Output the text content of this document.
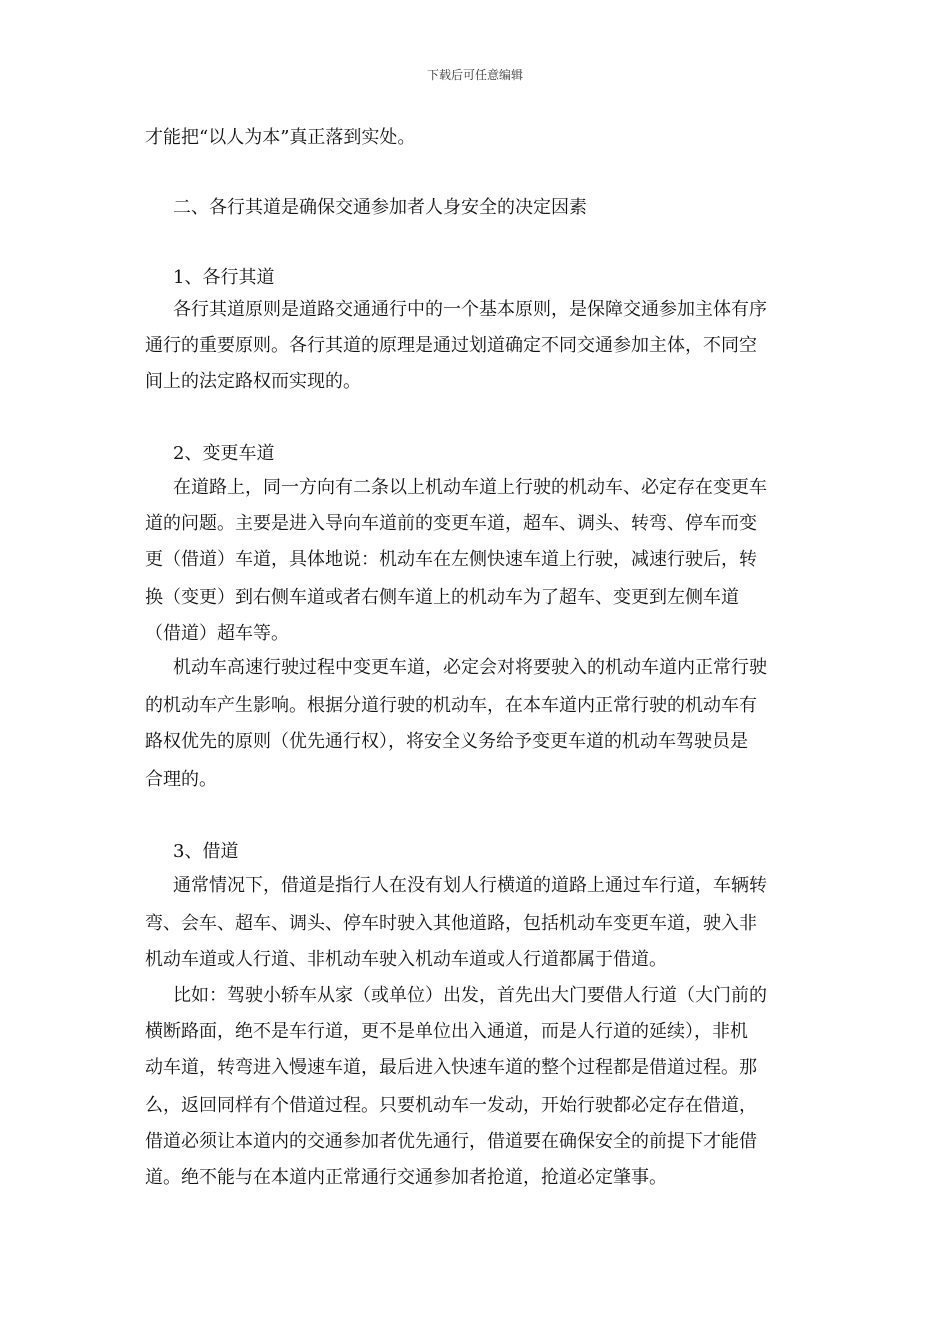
下载后可任意编辑
才能把“以人为本”真正落到实处。
二、各行其道是确保交通参加者人身安全的决定因素
1、各行其道
各行其道原则是道路交通通行中的一个基本原则，是保障交通参加主体有序
通行的重要原则。各行其道的原理是通过划道确定不同交通参加主体，不同空
间上的法定路权而实现的。
2、变更车道
在道路上，同一方向有二条以上机动车道上行驶的机动车、必定存在变更车
道的问题。主要是进入导向车道前的变更车道，超车、调头、转弯、停车而变
更（借道）车道，具体地说：机动车在左侧快速车道上行驶，减速行驶后，转
换（变更）到右侧车道或者右侧车道上的机动车为了超车、变更到左侧车道
（借道）超车等。
机动车高速行驶过程中变更车道，必定会对将要驶入的机动车道内正常行驶
的机动车产生影响。根据分道行驶的机动车，在本车道内正常行驶的机动车有
路权优先的原则（优先通行权），将安全义务给予变更车道的机动车驾驶员是
合理的。
3、借道
通常情况下，借道是指行人在没有划人行横道的道路上通过车行道，车辆转
弯、会车、超车、调头、停车时驶入其他道路，包括机动车变更车道，驶入非
机动车道或人行道、非机动车驶入机动车道或人行道都属于借道。
比如：驾驶小轿车从家（或单位）出发，首先出大门要借人行道（大门前的
横断路面，绝不是车行道，更不是单位出入通道，而是人行道的延续），非机
动车道，转弯进入慢速车道，最后进入快速车道的整个过程都是借道过程。那
么，返回同样有个借道过程。只要机动车一发动，开始行驶都必定存在借道，
借道必须让本道内的交通参加者优先通行，借道要在确保安全的前提下才能借
道。绝不能与在本道内正常通行交通参加者抢道，抢道必定肇事。
